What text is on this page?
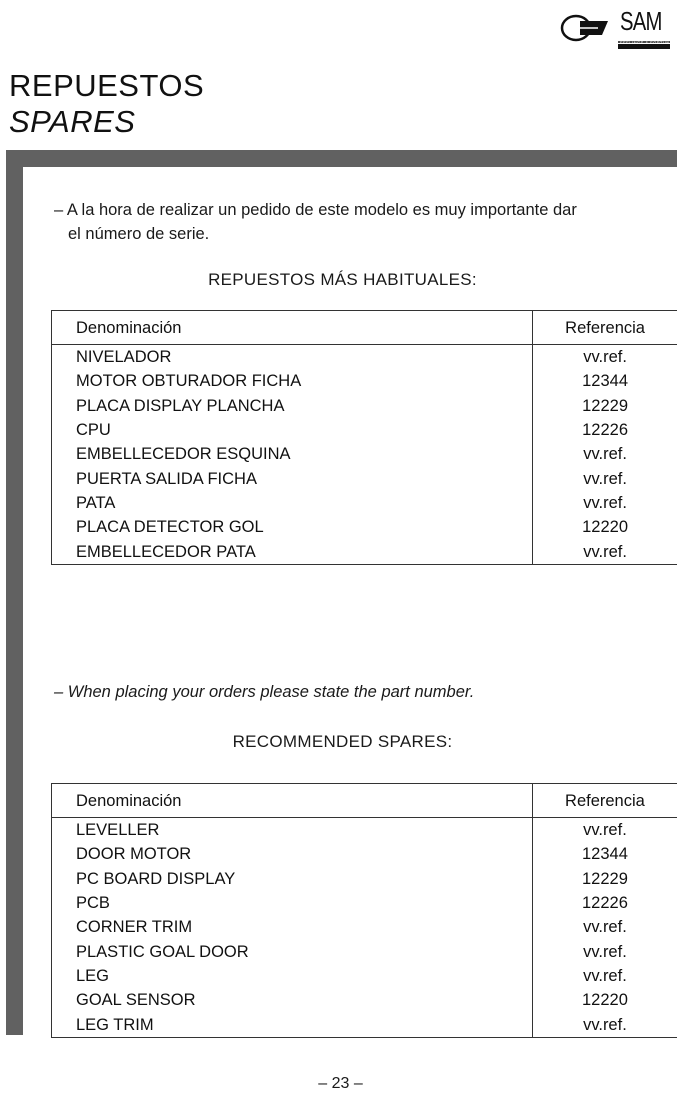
SAM
FEELINGS & FORTUNE
REPUESTOS
SPARES
– A la hora de realizar un pedido de este modelo es muy importante dar
el número de serie.
REPUESTOS MÁS HABITUALES:
Denominación	Referencia
NIVELADOR	vv.ref.
MOTOR OBTURADOR FICHA	12344
PLACA DISPLAY PLANCHA	12229
CPU	12226
EMBELLECEDOR ESQUINA	vv.ref.
PUERTA SALIDA FICHA	vv.ref.
PATA	vv.ref.
PLACA DETECTOR GOL	12220
EMBELLECEDOR PATA	vv.ref.
– When placing your orders please state the part number.
RECOMMENDED SPARES:
Denominación	Referencia
LEVELLER	vv.ref.
DOOR MOTOR	12344
PC BOARD DISPLAY	12229
PCB	12226
CORNER TRIM	vv.ref.
PLASTIC GOAL DOOR	vv.ref.
LEG	vv.ref.
GOAL SENSOR	12220
LEG TRIM	vv.ref.
– 23 –
